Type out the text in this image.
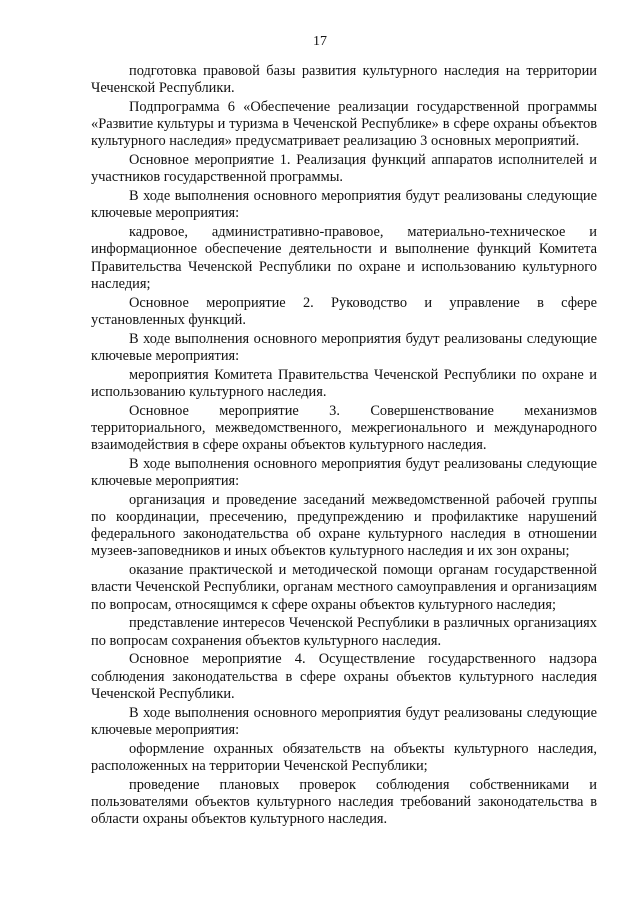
17

подготовка правовой базы развития культурного наследия на территории Чеченской Республики.

Подпрограмма 6 «Обеспечение реализации государственной программы «Развитие культуры и туризма в Чеченской Республике» в сфере охраны объектов культурного наследия» предусматривает реализацию 3 основных мероприятий.

Основное мероприятие 1. Реализация функций аппаратов исполнителей и участников государственной программы.

В ходе выполнения основного мероприятия будут реализованы следующие ключевые мероприятия:

кадровое, административно-правовое, материально-техническое и информационное обеспечение деятельности и выполнение функций Комитета Правительства Чеченской Республики по охране и использованию культурного наследия;

Основное мероприятие 2. Руководство и управление в сфере установленных функций.

В ходе выполнения основного мероприятия будут реализованы следующие ключевые мероприятия:

мероприятия Комитета Правительства Чеченской Республики по охране и использованию культурного наследия.

Основное мероприятие 3. Совершенствование механизмов территориального, межведомственного, межрегионального и международного взаимодействия в сфере охраны объектов культурного наследия.

В ходе выполнения основного мероприятия будут реализованы следующие ключевые мероприятия:

организация и проведение заседаний межведомственной рабочей группы по координации, пресечению, предупреждению и профилактике нарушений федерального законодательства об охране культурного наследия в отношении музеев-заповедников и иных объектов культурного наследия и их зон охраны;

оказание практической и методической помощи органам государственной власти Чеченской Республики, органам местного самоуправления и организациям по вопросам, относящимся к сфере охраны объектов культурного наследия;

представление интересов Чеченской Республики в различных организациях по вопросам сохранения объектов культурного наследия.

Основное мероприятие 4. Осуществление государственного надзора соблюдения законодательства в сфере охраны объектов культурного наследия Чеченской Республики.

В ходе выполнения основного мероприятия будут реализованы следующие ключевые мероприятия:

оформление охранных обязательств на объекты культурного наследия, расположенных на территории Чеченской Республики;

проведение плановых проверок соблюдения собственниками и пользователями объектов культурного наследия требований законодательства в области охраны объектов культурного наследия.
